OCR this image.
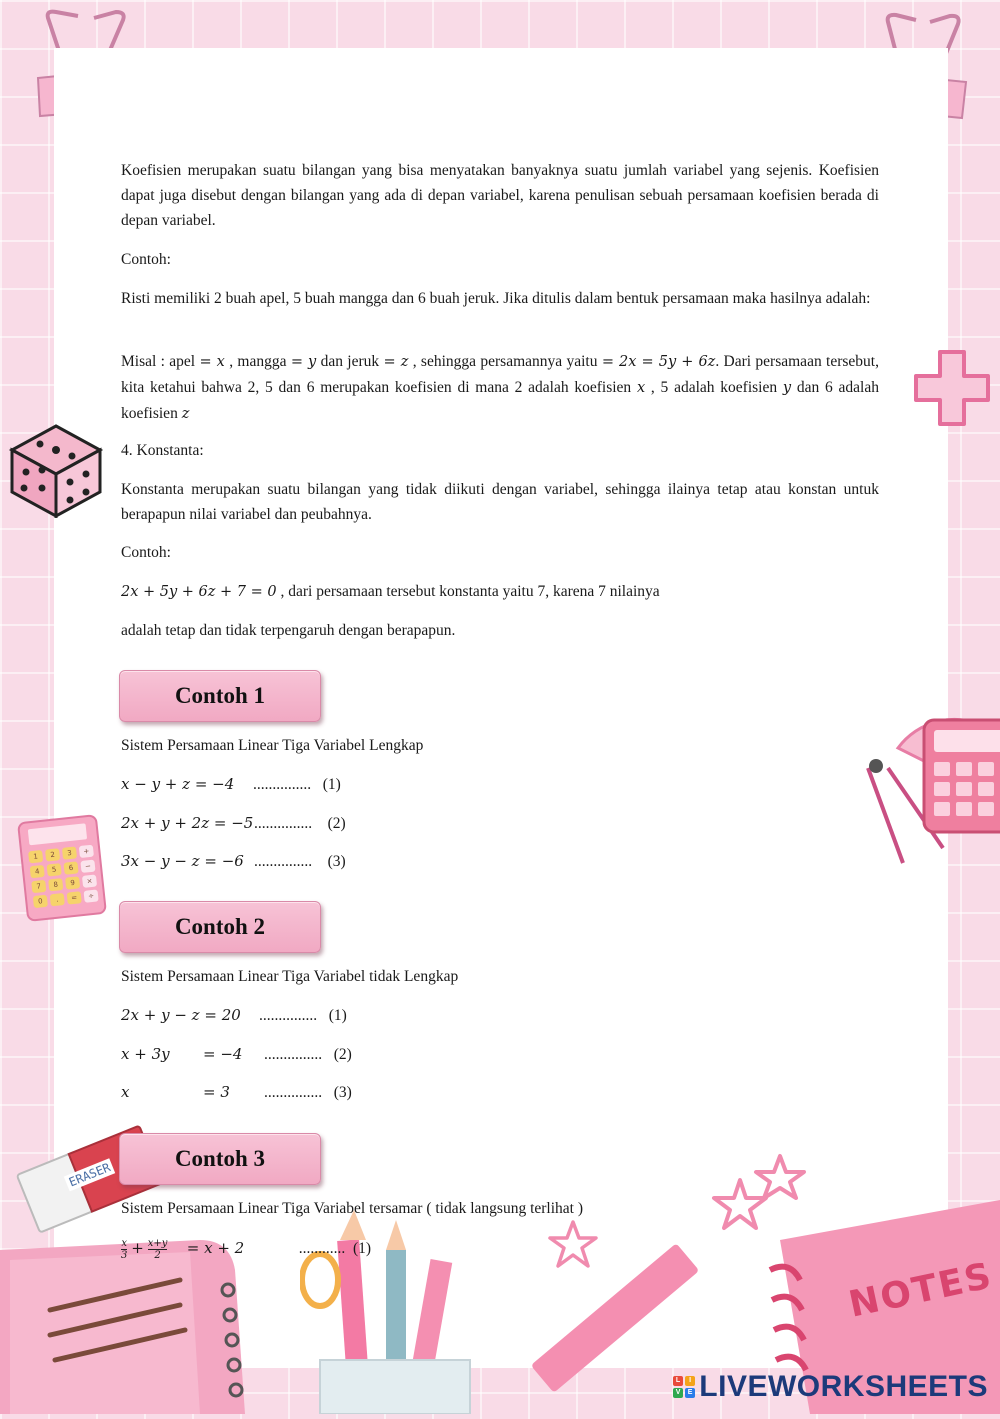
1	2	3	+
4	5	6	−
7	8	9	×
0	.	=	÷
ERASER
NOTES

Koefisien merupakan suatu bilangan yang bisa menyatakan banyaknya suatu jumlah variabel yang sejenis. Koefisien dapat juga disebut dengan bilangan yang ada di depan variabel, karena penulisan sebuah persamaan koefisien berada di depan variabel.

Contoh:

Risti memiliki 2 buah apel, 5 buah mangga dan 6 buah jeruk. Jika ditulis dalam bentuk persamaan maka hasilnya adalah:

Misal : apel = x , mangga = y dan jeruk = z , sehingga persamannya yaitu = 2x = 5y + 6z. Dari persamaan tersebut, kita ketahui bahwa 2, 5 dan 6 merupakan koefisien di mana 2 adalah koefisien x , 5 adalah koefisien y dan 6 adalah koefisien z

4. Konstanta:

Konstanta merupakan suatu bilangan yang tidak diikuti dengan variabel, sehingga ilainya tetap atau konstan untuk berapapun nilai variabel dan peubahnya.

Contoh:

2x + 5y + 6z + 7 = 0 , dari persamaan tersebut konstanta yaitu 7, karena 7 nilainya

adalah tetap dan tidak terpengaruh dengan berapapun.

Sistem Persamaan Linear Tiga Variabel Lengkap

x − y + z = −4 ............... (1)
2x + y + 2z = −5............... (2)
3x − y − z = −6 ............... (3)

Sistem Persamaan Linear Tiga Variabel tidak Lengkap

2x + y − z = 20 ............... (1)
x + 3y = −4 ............... (2)
x	= 3 ............... (3)

Sistem Persamaan Linear Tiga Variabel tersamar ( tidak langsung terlihat )

$\frac{x}{3} + \frac{x+y}{2} = x + 2$	............ (1)
Contoh 1
Contoh 2
Contoh 3
L	I
V E LIVEWORKSHEETS
